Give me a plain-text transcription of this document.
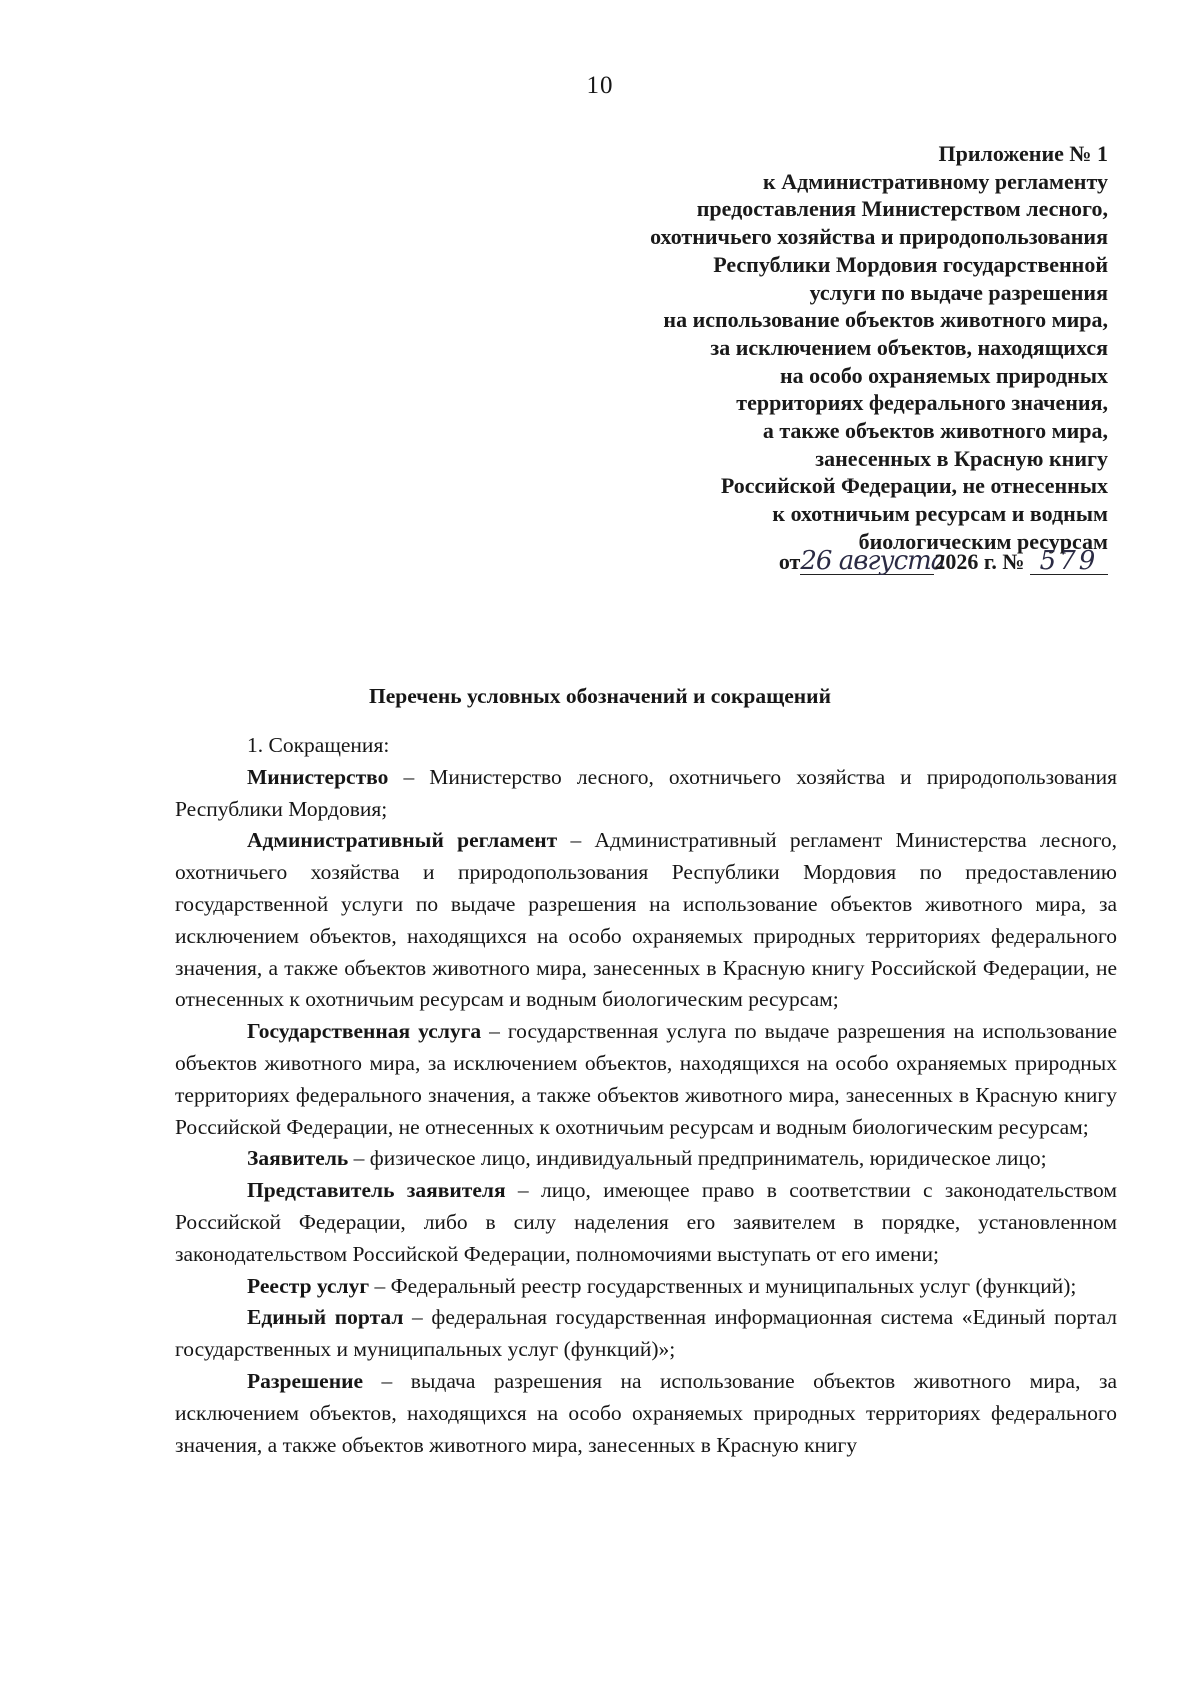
10
Приложение № 1
к Административному регламенту
предоставления Министерством лесного,
охотничьего хозяйства и природопользования
Республики Мордовия государственной
услуги по выдаче разрешения
на использование объектов животного мира,
за исключением объектов, находящихся
на особо охраняемых природных
территориях федерального значения,
а также объектов животного мира,
занесенных в Красную книгу
Российской Федерации, не отнесенных
к охотничьим ресурсам и водным
биологическим ресурсам
от26 августа2026 г. № 579
Перечень условных обозначений и сокращений

1. Сокращения:

Министерство – Министерство лесного, охотничьего хозяйства и природопользования Республики Мордовия;

Административный регламент – Административный регламент Министерства лесного, охотничьего хозяйства и природопользования Республики Мордовия по предоставлению государственной услуги по выдаче разрешения на использование объектов животного мира, за исключением объектов, находящихся на особо охраняемых природных территориях федерального значения, а также объектов животного мира, занесенных в Красную книгу Российской Федерации, не отнесенных к охотничьим ресурсам и водным биологическим ресурсам;

Государственная услуга – государственная услуга по выдаче разрешения на использование объектов животного мира, за исключением объектов, находящихся на особо охраняемых природных территориях федерального значения, а также объектов животного мира, занесенных в Красную книгу Российской Федерации, не отнесенных к охотничьим ресурсам и водным биологическим ресурсам;

Заявитель – физическое лицо, индивидуальный предприниматель, юридическое лицо;

Представитель заявителя – лицо, имеющее право в соответствии с законодательством Российской Федерации, либо в силу наделения его заявителем в порядке, установленном законодательством Российской Федерации, полномочиями выступать от его имени;

Реестр услуг – Федеральный реестр государственных и муниципальных услуг (функций);

Единый портал – федеральная государственная информационная система «Единый портал государственных и муниципальных услуг (функций)»;

Разрешение – выдача разрешения на использование объектов животного мира, за исключением объектов, находящихся на особо охраняемых природных территориях федерального значения, а также объектов животного мира, занесенных в Красную книгу
